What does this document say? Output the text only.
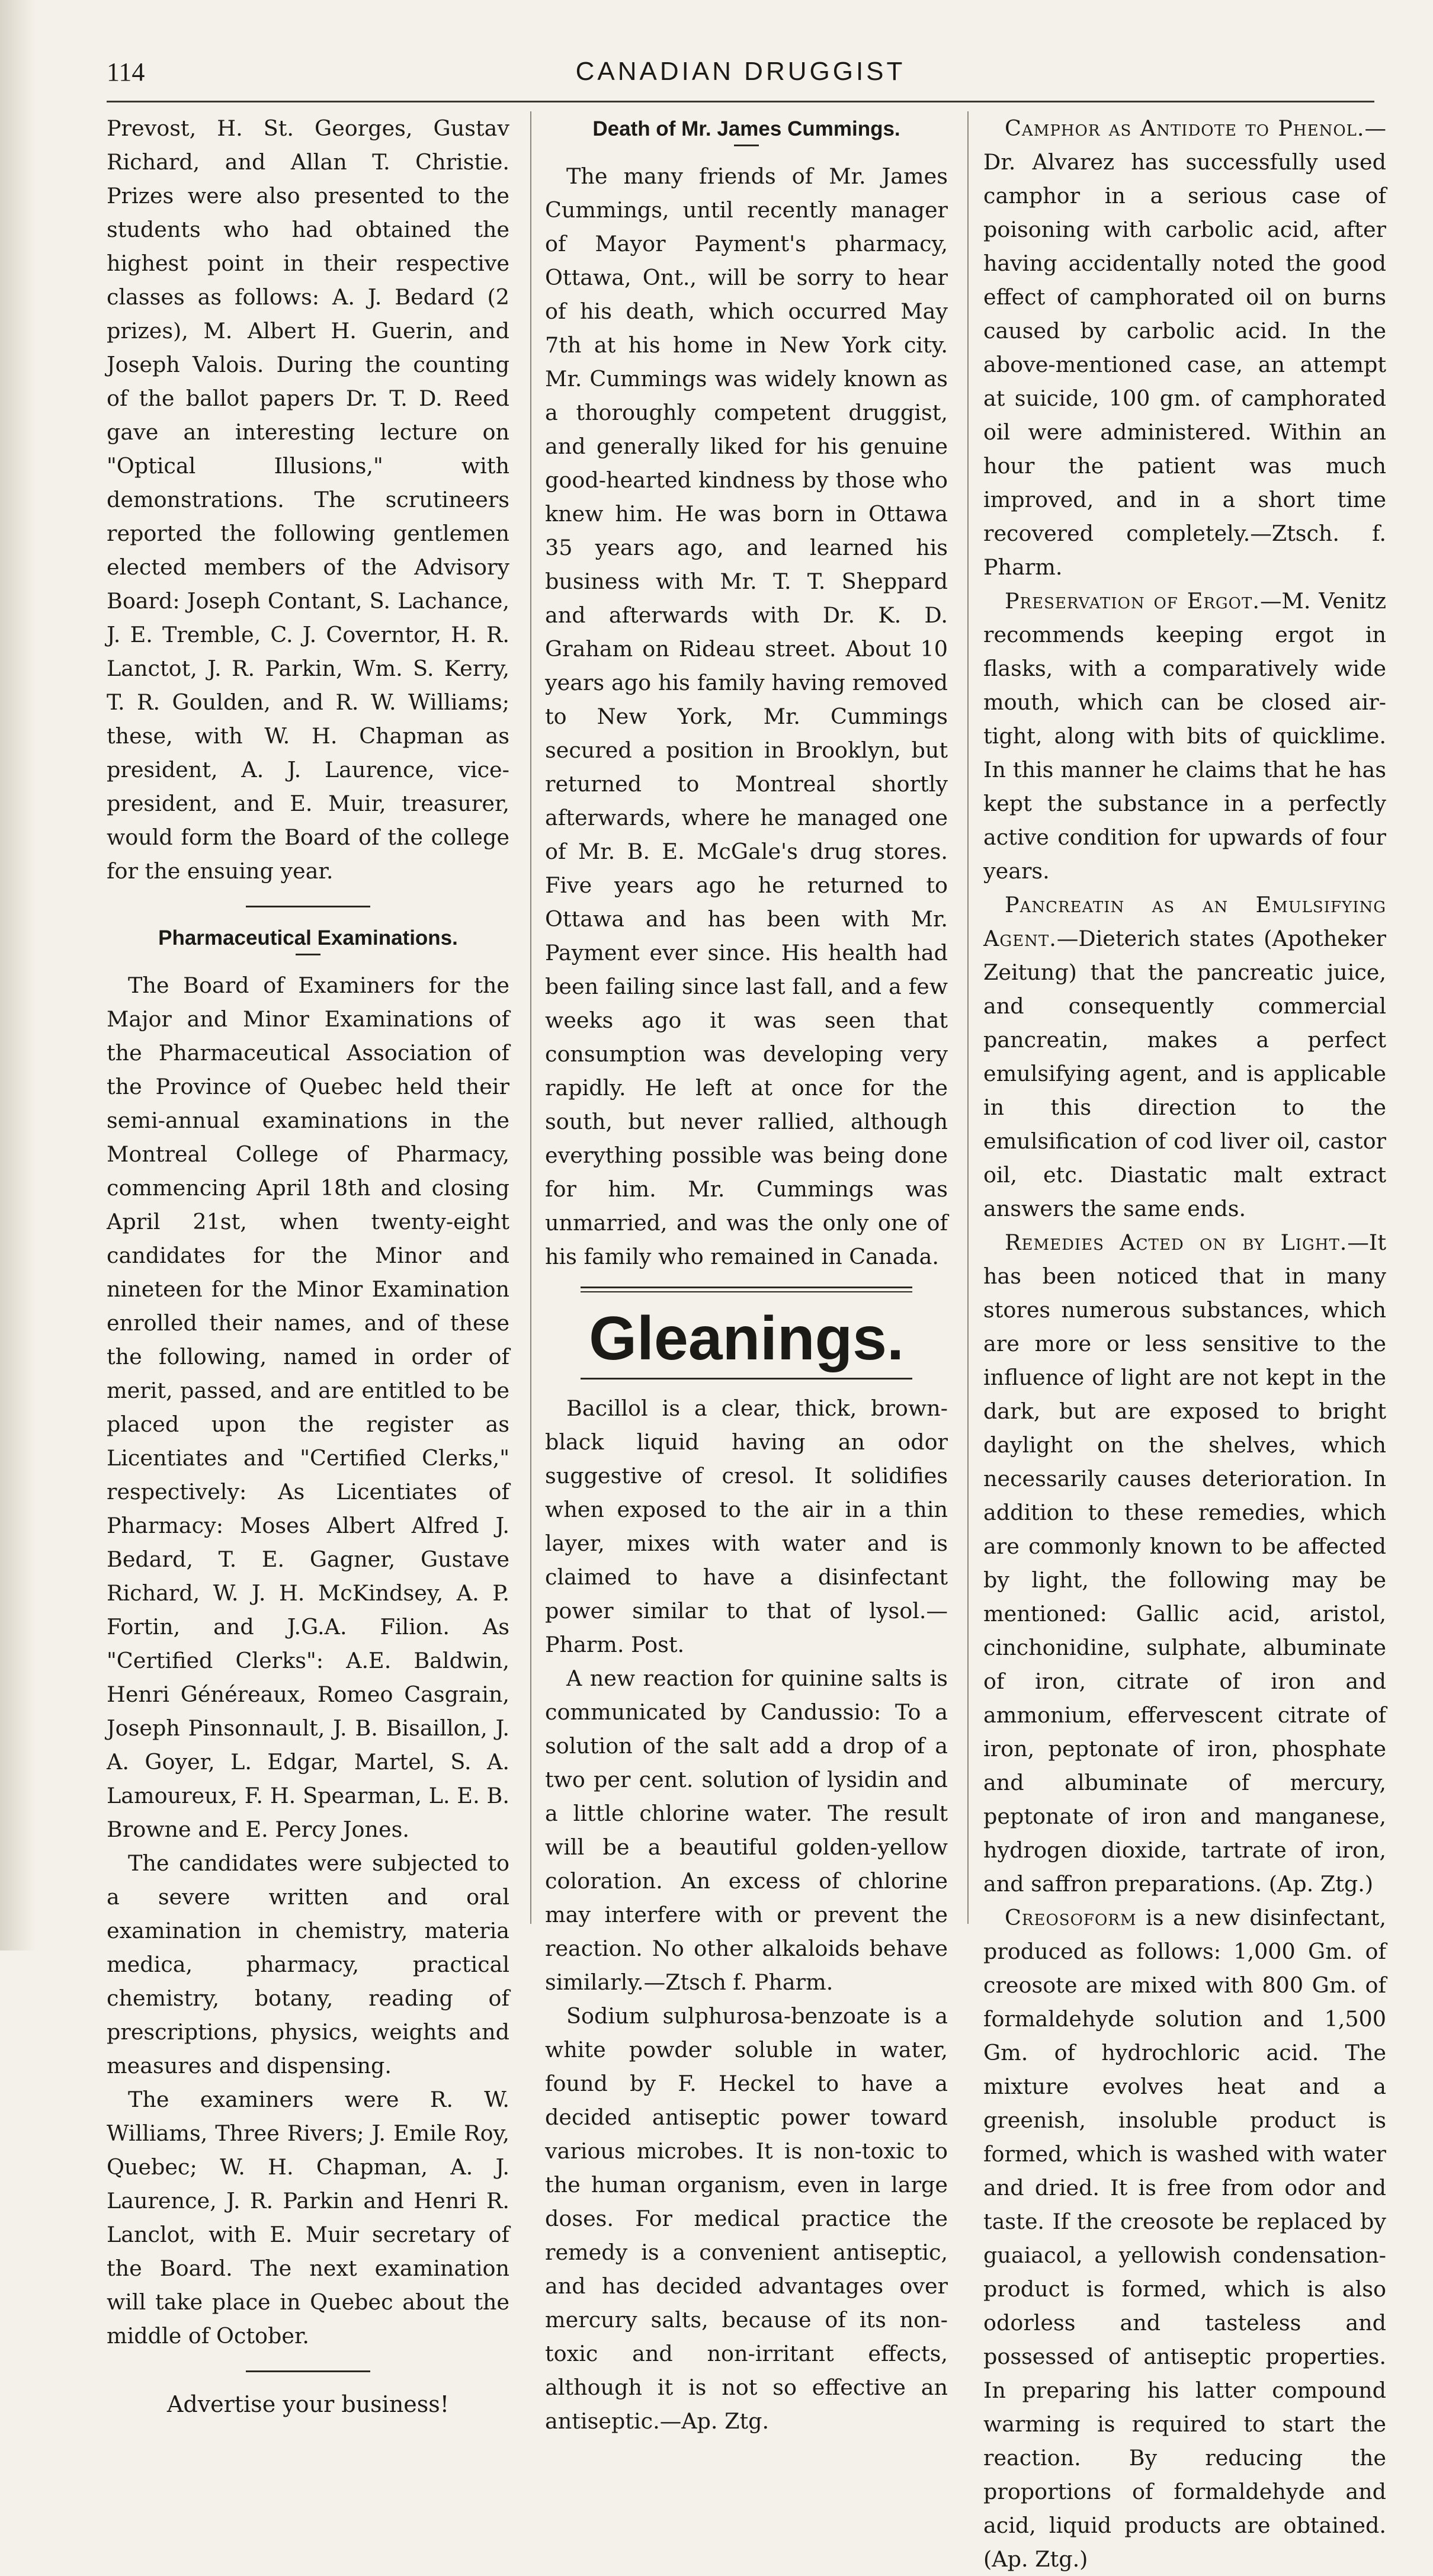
114	CANADIAN DRUGGIST

Prevost, H. St. Georges, Gustav Richard, and Allan T. Christie. Prizes were also presented to the students who had obtained the highest point in their respective classes as follows: A. J. Bedard (2 prizes), M. Albert H. Guerin, and Joseph Valois. During the counting of the ballot papers Dr. T. D. Reed gave an interesting lecture on "Optical Illusions," with demonstrations. The scrutineers reported the following gentlemen elected members of the Advisory Board: Joseph Contant, S. Lachance, J. E. Tremble, C. J. Coverntor, H. R. Lanctot, J. R. Parkin, Wm. S. Kerry, T. R. Goulden, and R. W. Williams; these, with W. H. Chapman as president, A. J. Laurence, vice-president, and E. Muir, treasurer, would form the Board of the college for the ensuing year.

Pharmaceutical Examinations.

The Board of Examiners for the Major and Minor Examinations of the Pharmaceutical Association of the Province of Quebec held their semi-annual examinations in the Montreal College of Pharmacy, commencing April 18th and closing April 21st, when twenty-eight candidates for the Minor and nineteen for the Minor Examination enrolled their names, and of these the following, named in order of merit, passed, and are entitled to be placed upon the register as Licentiates and "Certified Clerks," respectively: As Licentiates of Pharmacy: Moses Albert Alfred J. Bedard, T. E. Gagner, Gustave Richard, W. J. H. McKindsey, A. P. Fortin, and J.G.A. Filion. As "Certified Clerks": A.E. Baldwin, Henri Généreaux, Romeo Casgrain, Joseph Pinsonnault, J. B. Bisaillon, J. A. Goyer, L. Edgar, Martel, S. A. Lamoureux, F. H. Spearman, L. E. B. Browne and E. Percy Jones.

The candidates were subjected to a severe written and oral examination in chemistry, materia medica, pharmacy, practical chemistry, botany, reading of prescriptions, physics, weights and measures and dispensing.

The examiners were R. W. Williams, Three Rivers; J. Emile Roy, Quebec; W. H. Chapman, A. J. Laurence, J. R. Parkin and Henri R. Lanclot, with E. Muir secretary of the Board. The next examination will take place in Quebec about the middle of October.

Advertise your business!

Death of Mr. James Cummings.

The many friends of Mr. James Cummings, until recently manager of Mayor Payment's pharmacy, Ottawa, Ont., will be sorry to hear of his death, which occurred May 7th at his home in New York city. Mr. Cummings was widely known as a thoroughly competent druggist, and generally liked for his genuine good-hearted kindness by those who knew him. He was born in Ottawa 35 years ago, and learned his business with Mr. T. T. Sheppard and afterwards with Dr. K. D. Graham on Rideau street. About 10 years ago his family having removed to New York, Mr. Cummings secured a position in Brooklyn, but returned to Montreal shortly afterwards, where he managed one of Mr. B. E. McGale's drug stores. Five years ago he returned to Ottawa and has been with Mr. Payment ever since. His health had been failing since last fall, and a few weeks ago it was seen that consumption was developing very rapidly. He left at once for the south, but never rallied, although everything possible was being done for him. Mr. Cummings was unmarried, and was the only one of his family who remained in Canada.

Gleanings.

Bacillol is a clear, thick, brown-black liquid having an odor suggestive of cresol. It solidifies when exposed to the air in a thin layer, mixes with water and is claimed to have a disinfectant power similar to that of lysol.—Pharm. Post.

A new reaction for quinine salts is communicated by Candussio: To a solution of the salt add a drop of a two per cent. solution of lysidin and a little chlorine water. The result will be a beautiful golden-yellow coloration. An excess of chlorine may interfere with or prevent the reaction. No other alkaloids behave similarly.—Ztsch f. Pharm.

Sodium sulphurosa-benzoate is a white powder soluble in water, found by F. Heckel to have a decided antiseptic power toward various microbes. It is non-toxic to the human organism, even in large doses. For medical practice the remedy is a convenient antiseptic, and has decided advantages over mercury salts, because of its non-toxic and non-irritant effects, although it is not so effective an antiseptic.—Ap. Ztg.

Camphor as Antidote to Phenol.—Dr. Alvarez has successfully used camphor in a serious case of poisoning with carbolic acid, after having accidentally noted the good effect of camphorated oil on burns caused by carbolic acid. In the above-mentioned case, an attempt at suicide, 100 gm. of camphorated oil were administered. Within an hour the patient was much improved, and in a short time recovered completely.—Ztsch. f. Pharm.

Preservation of Ergot.—M. Venitz recommends keeping ergot in flasks, with a comparatively wide mouth, which can be closed air-tight, along with bits of quicklime. In this manner he claims that he has kept the substance in a perfectly active condition for upwards of four years.

Pancreatin as an Emulsifying Agent.—Dieterich states (Apotheker Zeitung) that the pancreatic juice, and consequently commercial pancreatin, makes a perfect emulsifying agent, and is applicable in this direction to the emulsification of cod liver oil, castor oil, etc. Diastatic malt extract answers the same ends.

Remedies Acted on by Light.—It has been noticed that in many stores numerous substances, which are more or less sensitive to the influence of light are not kept in the dark, but are exposed to bright daylight on the shelves, which necessarily causes deterioration. In addition to these remedies, which are commonly known to be affected by light, the following may be mentioned: Gallic acid, aristol, cinchonidine, sulphate, albuminate of iron, citrate of iron and ammonium, effervescent citrate of iron, peptonate of iron, phosphate and albuminate of mercury, peptonate of iron and manganese, hydrogen dioxide, tartrate of iron, and saffron preparations. (Ap. Ztg.)

Creosoform is a new disinfectant, produced as follows: 1,000 Gm. of creosote are mixed with 800 Gm. of formaldehyde solution and 1,500 Gm. of hydrochloric acid. The mixture evolves heat and a greenish, insoluble product is formed, which is washed with water and dried. It is free from odor and taste. If the creosote be replaced by guaiacol, a yellowish condensation-product is formed, which is also odorless and tasteless and possessed of antiseptic properties. In preparing his latter compound warming is required to start the reaction. By reducing the proportions of formaldehyde and acid, liquid products are obtained. (Ap. Ztg.)
